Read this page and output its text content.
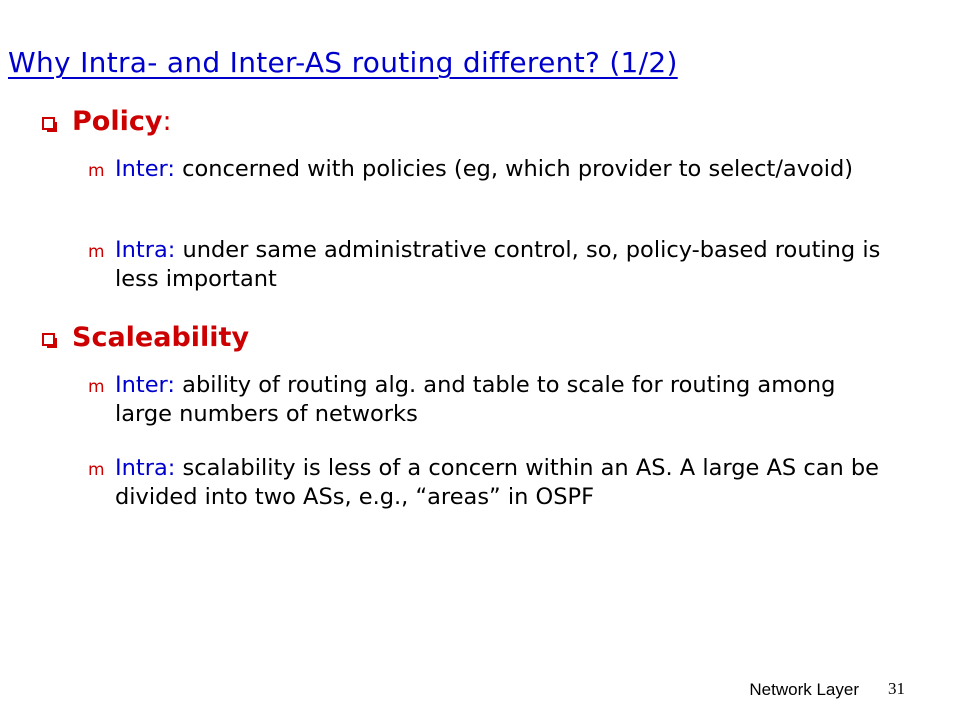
Why Intra- and Inter-AS routing different? (1/2)
Policy:
m Inter: concerned with policies (eg, which provider to select/avoid)
m Intra: under same administrative control, so, policy-based routing is less important
Scaleability
m Inter: ability of routing alg. and table to scale for routing among large numbers of networks
m Intra: scalability is less of a concern within an AS. A large AS can be divided into two ASs, e.g., “areas” in OSPF
Network Layer 31
